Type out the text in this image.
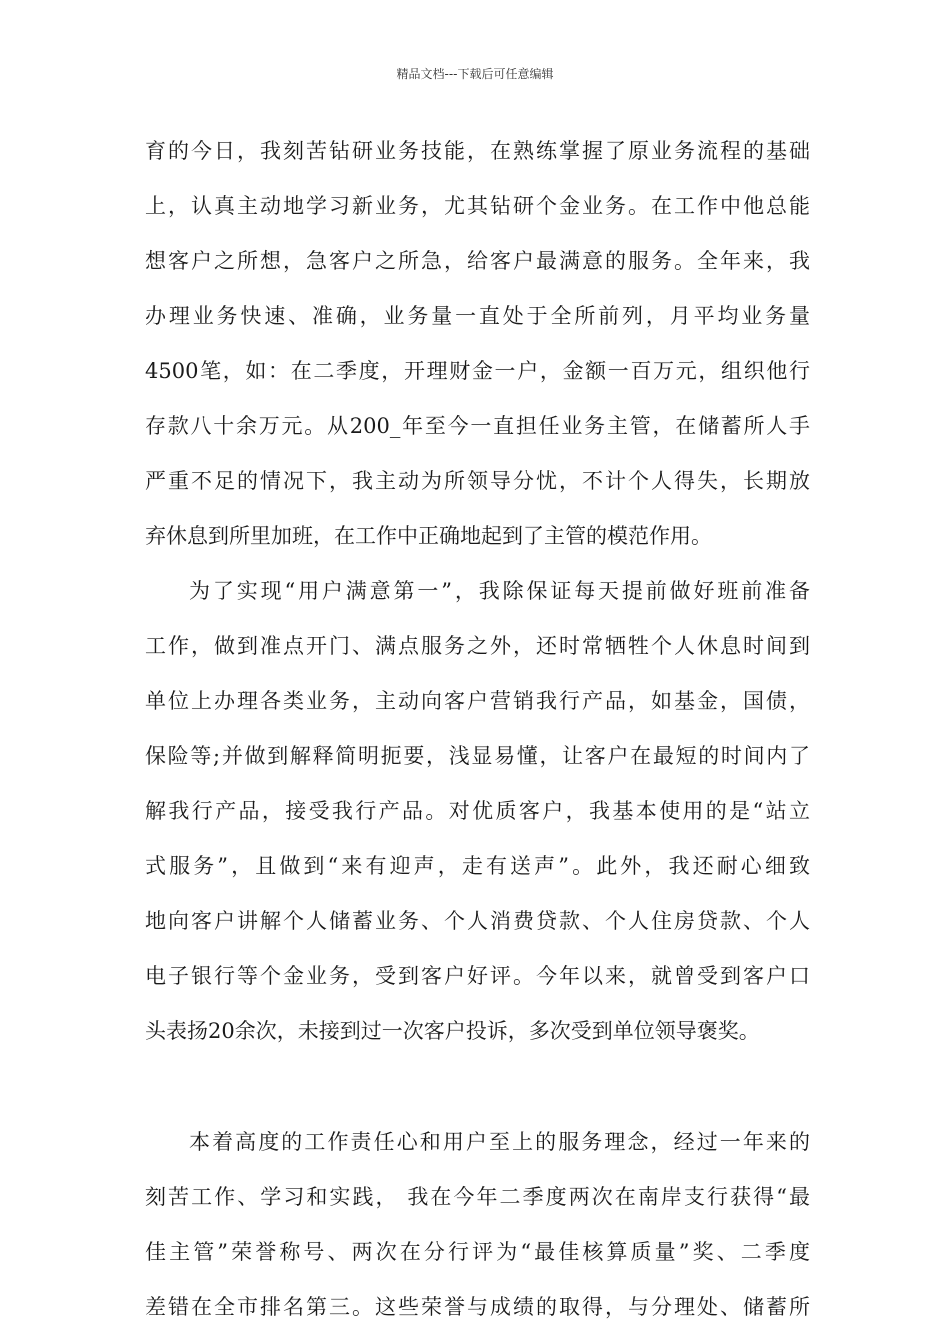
精品文档---下载后可任意编辑
育的今日，我刻苦钻研业务技能，在熟练掌握了原业务流程的基础
上，认真主动地学习新业务，尤其钻研个金业务。在工作中他总能
想客户之所想，急客户之所急，给客户最满意的服务。全年来，我
办理业务快速、准确，业务量一直处于全所前列，月平均业务量
4500笔，如：在二季度，开理财金一户，金额一百万元，组织他行
存款八十余万元。从200_年至今一直担任业务主管，在储蓄所人手
严重不足的情况下，我主动为所领导分忧，不计个人得失，长期放
弃休息到所里加班，在工作中正确地起到了主管的模范作用。
为了实现“用户满意第一”，我除保证每天提前做好班前准备
工作，做到准点开门、满点服务之外，还时常牺牲个人休息时间到
单位上办理各类业务，主动向客户营销我行产品，如基金，国债，
保险等;并做到解释简明扼要，浅显易懂，让客户在最短的时间内了
解我行产品，接受我行产品。对优质客户，我基本使用的是“站立
式服务”，且做到“来有迎声，走有送声”。此外，我还耐心细致
地向客户讲解个人储蓄业务、个人消费贷款、个人住房贷款、个人
电子银行等个金业务，受到客户好评。今年以来，就曾受到客户口
头表扬20余次，未接到过一次客户投诉，多次受到单位领导褒奖。
本着高度的工作责任心和用户至上的服务理念，经过一年来的
刻苦工作、学习和实践， 我在今年二季度两次在南岸支行获得“最
佳主管”荣誉称号、两次在分行评为“最佳核算质量”奖、二季度
差错在全市排名第三。这些荣誉与成绩的取得，与分理处、储蓄所
